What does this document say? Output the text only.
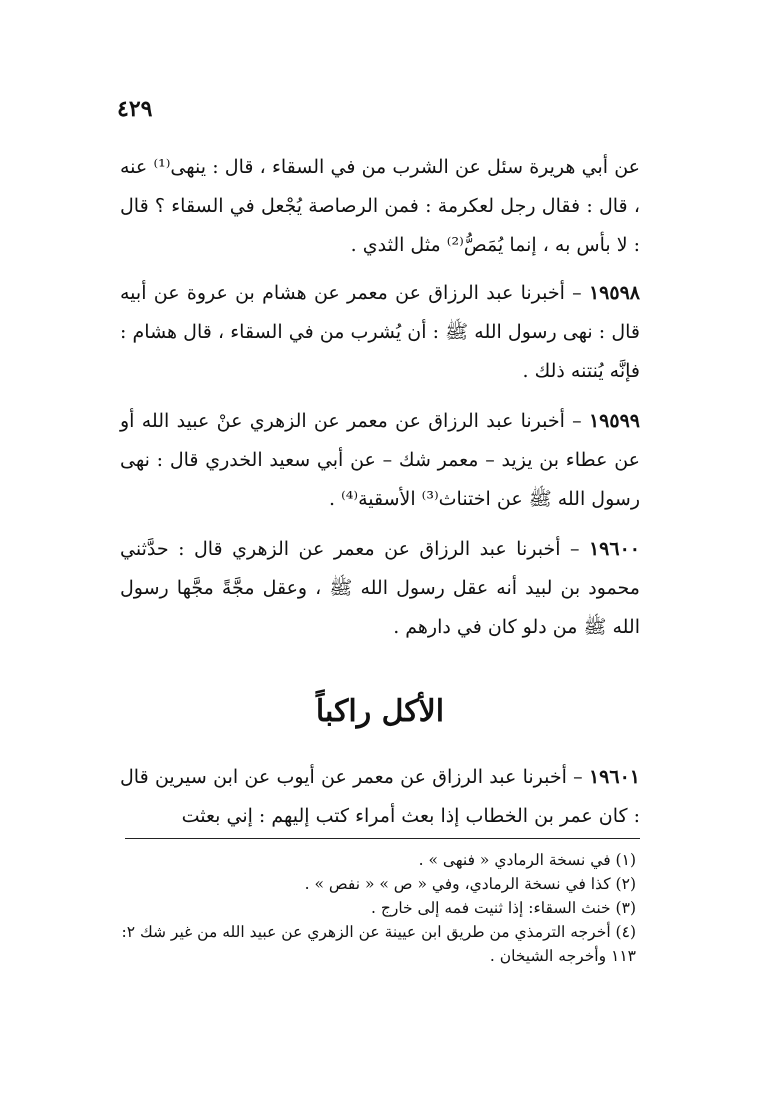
٤٢٩
عن أبي هريرة سئل عن الشرب من في السقاء ، قال : ينهى⁽¹⁾ عنه ، قال : فقال رجل لعكرمة : فمن الرصاصة يُجْعل في السقاء ؟ قال : لا بأس به ، إنما يُمَصُّ⁽²⁾ مثل الثدي .
١٩٥٩٨ – أخبرنا عبد الرزاق عن معمر عن هشام بن عروة عن أبيه قال : نهى رسول الله ﷺ : أن يُشرب من في السقاء ، قال هشام : فإنَّه يُنتنه ذلك .
١٩٥٩٩ – أخبرنا عبد الرزاق عن معمر عن الزهري عنْ عبيد الله أو عن عطاء بن يزيد – معمر شك – عن أبي سعيد الخدري قال : نهى رسول الله ﷺ عن اختناث⁽³⁾ الأسقية⁽⁴⁾ .
١٩٦٠٠ – أخبرنا عبد الرزاق عن معمر عن الزهري قال : حدَّثني محمود بن لبيد أنه عقل رسول الله ﷺ ، وعقل مجَّةً مجَّها رسول الله ﷺ من دلو كان في دارهم .
الأكل راكباً
١٩٦٠١ – أخبرنا عبد الرزاق عن معمر عن أيوب عن ابن سيرين قال : كان عمر بن الخطاب إذا بعث أمراء كتب إليهم : إني بعثت
(١) في نسخة الرمادي « فنهى » .
(٢) كذا في نسخة الرمادي، وفي « ص » « نفص » .
(٣) خنث السقاء: إذا ثنيت فمه إلى خارج .
(٤) أخرجه الترمذي من طريق ابن عيينة عن الزهري عن عبيد الله من غير شك ٢: ١١٣ وأخرجه الشيخان .
